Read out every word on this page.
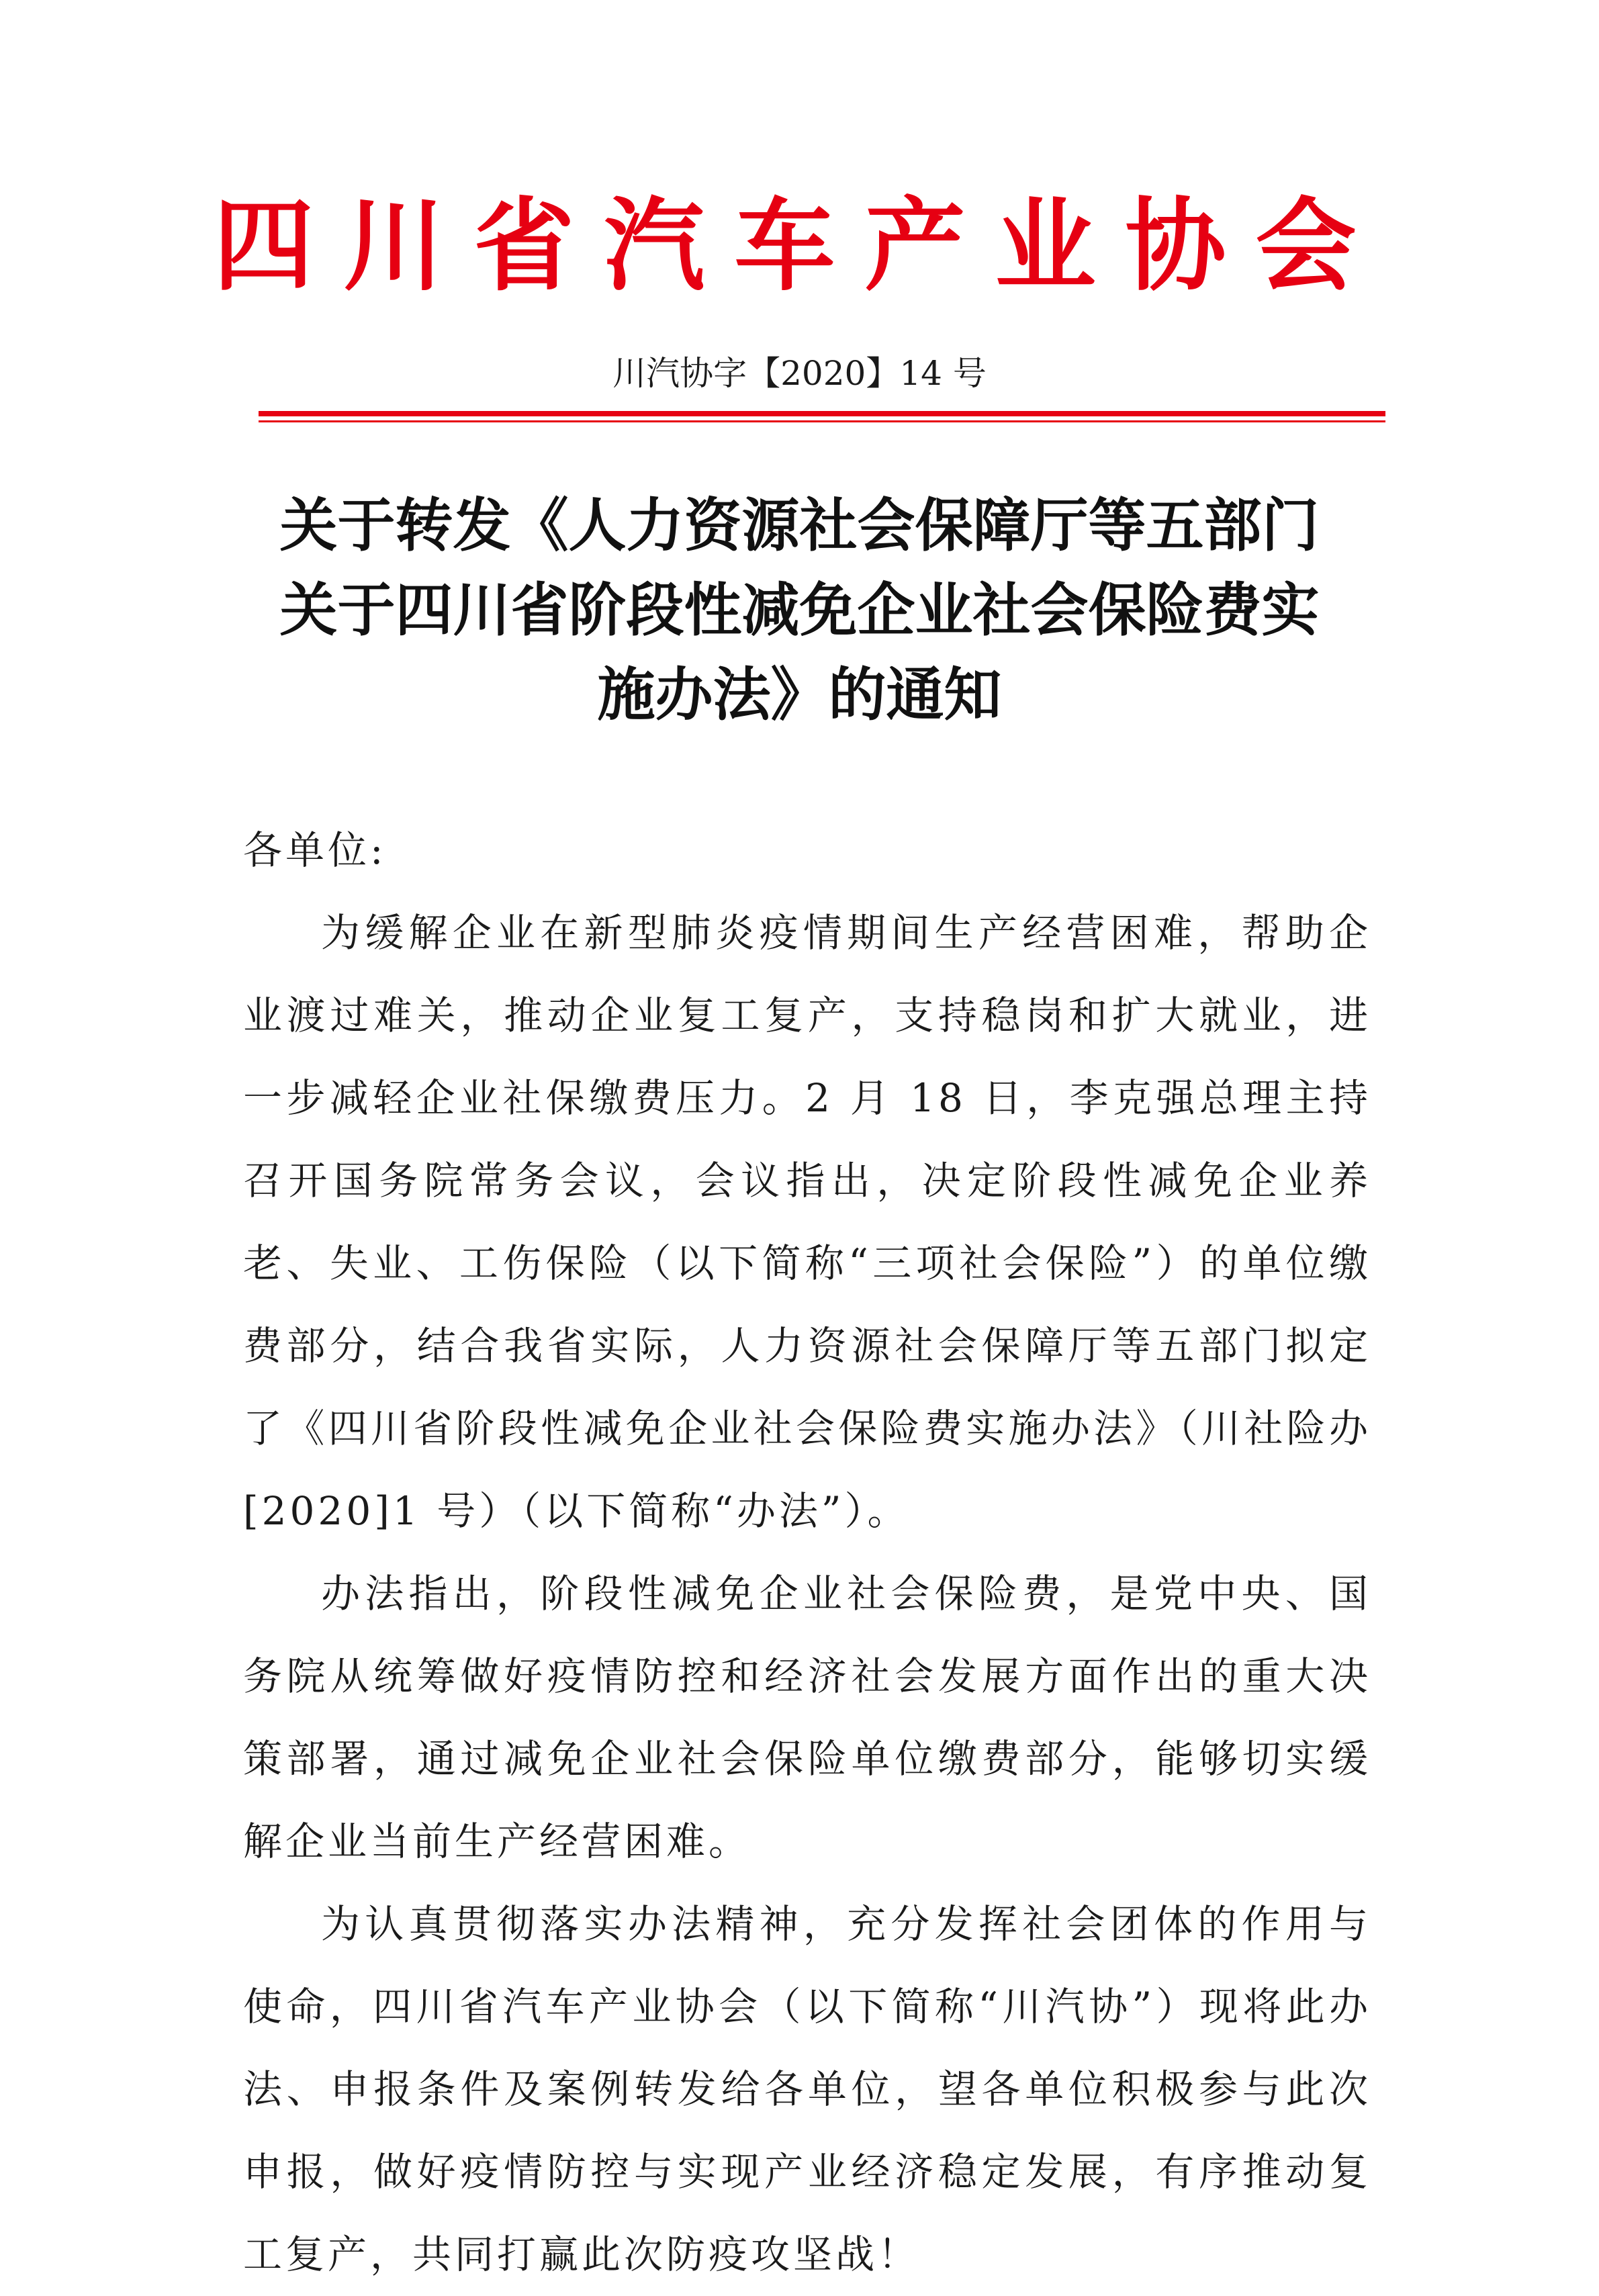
四川省汽车产业协会
川汽协字【2020】14 号
关于转发《人力资源社会保障厅等五部门
关于四川省阶段性减免企业社会保险费实
施办法》的通知

各单位:

为缓解企业在新型肺炎疫情期间生产经营困难，帮助企业渡过难关，推动企业复工复产，支持稳岗和扩大就业，进一步减轻企业社保缴费压力。2 月 18 日，李克强总理主持召开国务院常务会议，会议指出，决定阶段性减免企业养老、失业、工伤保险（以下简称“三项社会保险”）的单位缴费部分，结合我省实际，人力资源社会保障厅等五部门拟定了《四川省阶段性减免企业社会保险费实施办法》（川社险办[2020]1 号）（以下简称“办法”）。

办法指出，阶段性减免企业社会保险费，是党中央、国务院从统筹做好疫情防控和经济社会发展方面作出的重大决策部署，通过减免企业社会保险单位缴费部分，能够切实缓解企业当前生产经营困难。

为认真贯彻落实办法精神，充分发挥社会团体的作用与使命，四川省汽车产业协会（以下简称“川汽协”）现将此办法、申报条件及案例转发给各单位，望各单位积极参与此次申报，做好疫情防控与实现产业经济稳定发展，有序推动复工复产，共同打赢此次防疫攻坚战！
